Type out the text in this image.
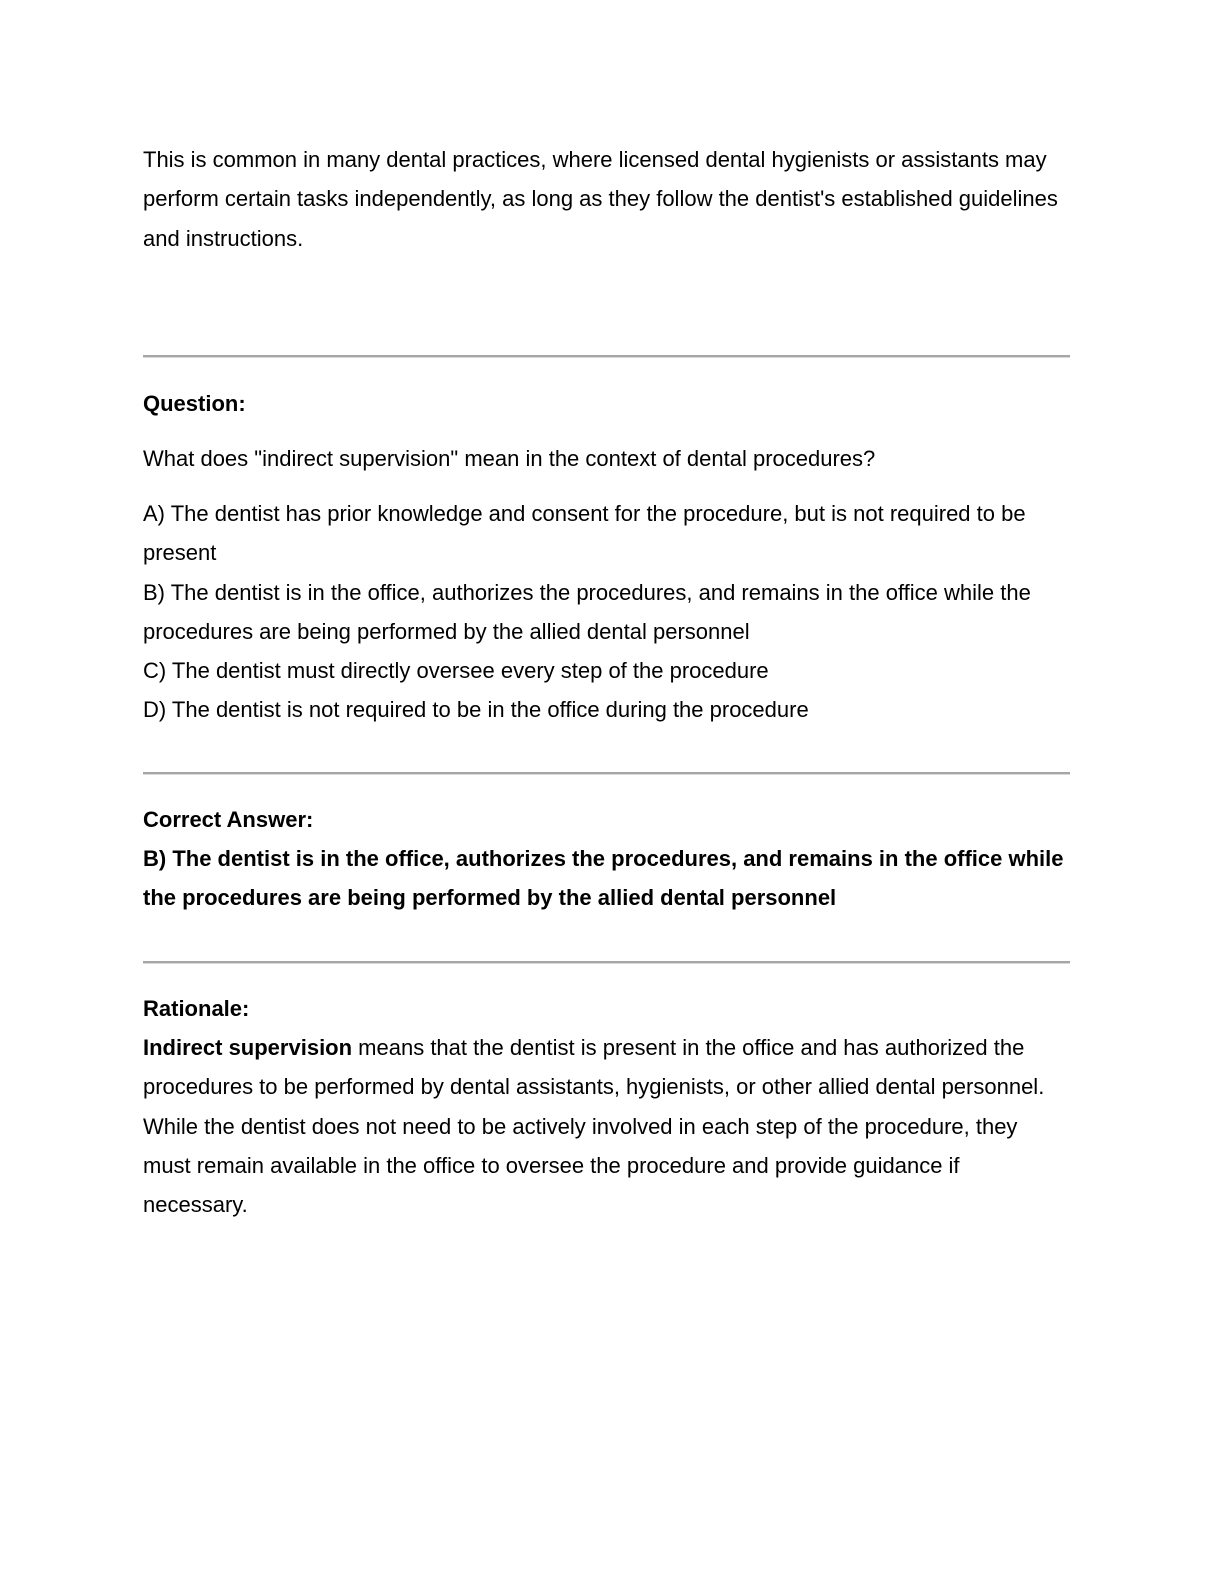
This is common in many dental practices, where licensed dental hygienists or assistants may perform certain tasks independently, as long as they follow the dentist's established guidelines and instructions.

Question:

What does "indirect supervision" mean in the context of dental procedures?

A) The dentist has prior knowledge and consent for the procedure, but is not required to be present

B) The dentist is in the office, authorizes the procedures, and remains in the office while the procedures are being performed by the allied dental personnel

C) The dentist must directly oversee every step of the procedure

D) The dentist is not required to be in the office during the procedure

Correct Answer:

B) The dentist is in the office, authorizes the procedures, and remains in the office while the procedures are being performed by the allied dental personnel

Rationale:

Indirect supervision means that the dentist is present in the office and has authorized the procedures to be performed by dental assistants, hygienists, or other allied dental personnel. While the dentist does not need to be actively involved in each step of the procedure, they must remain available in the office to oversee the procedure and provide guidance if necessary.
